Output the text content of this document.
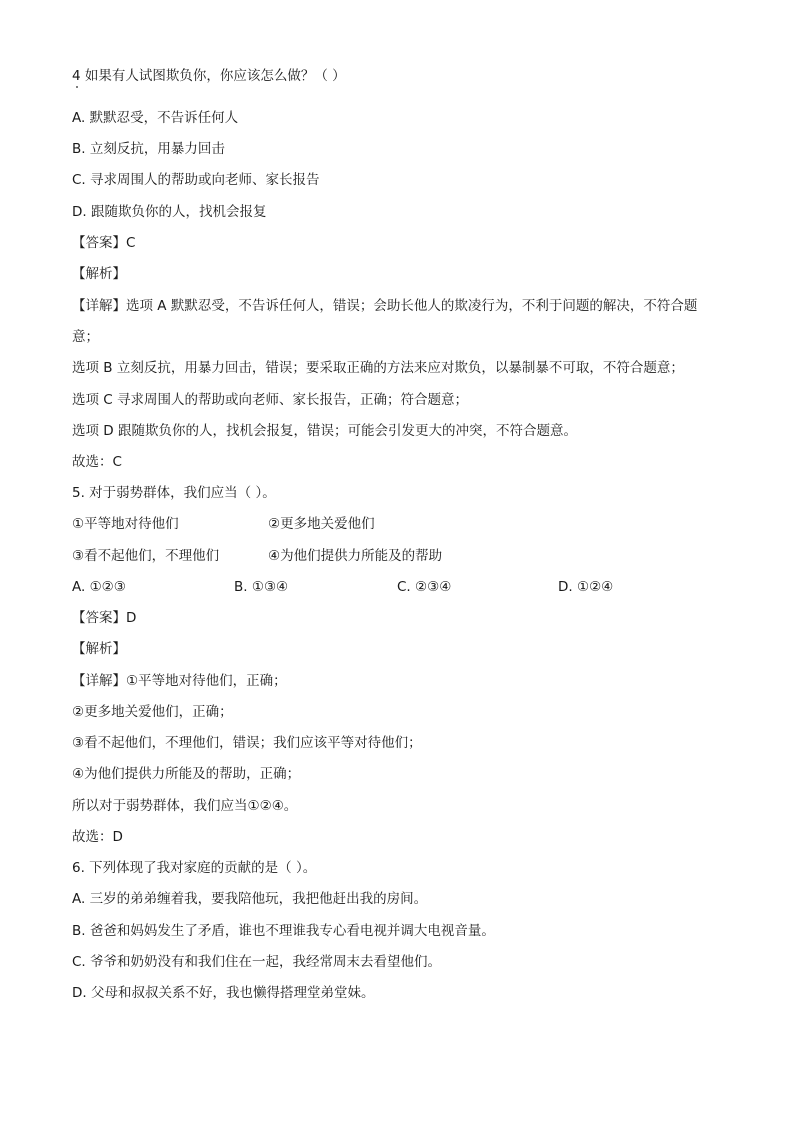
4 如果有人试图欺负你，你应该怎么做？（ ）
A. 默默忍受，不告诉任何人
B. 立刻反抗，用暴力回击
C. 寻求周围人的帮助或向老师、家长报告
D. 跟随欺负你的人，找机会报复
【答案】C
【解析】
【详解】选项 A 默默忍受，不告诉任何人，错误；会助长他人的欺凌行为，不利于问题的解决，不符合题
意；
选项 B 立刻反抗，用暴力回击，错误；要采取正确的方法来应对欺负，以暴制暴不可取，不符合题意；
选项 C 寻求周围人的帮助或向老师、家长报告，正确；符合题意；
选项 D 跟随欺负你的人，找机会报复，错误；可能会引发更大的冲突，不符合题意。
故选：C
5. 对于弱势群体，我们应当（ ）。
①平等地对待他们	②更多地关爱他们
③看不起他们，不理他们	④为他们提供力所能及的帮助
A. ①②③	B. ①③④	C. ②③④	D. ①②④
【答案】D
【解析】
【详解】①平等地对待他们，正确；
②更多地关爱他们，正确；
③看不起他们，不理他们，错误；我们应该平等对待他们；
④为他们提供力所能及的帮助，正确；
所以对于弱势群体，我们应当①②④。
故选：D
6. 下列体现了我对家庭的贡献的是（ ）。
A. 三岁的弟弟缠着我，要我陪他玩，我把他赶出我的房间。
B. 爸爸和妈妈发生了矛盾，谁也不理谁我专心看电视并调大电视音量。
C. 爷爷和奶奶没有和我们住在一起，我经常周末去看望他们。
D. 父母和叔叔关系不好，我也懒得搭理堂弟堂妹。
